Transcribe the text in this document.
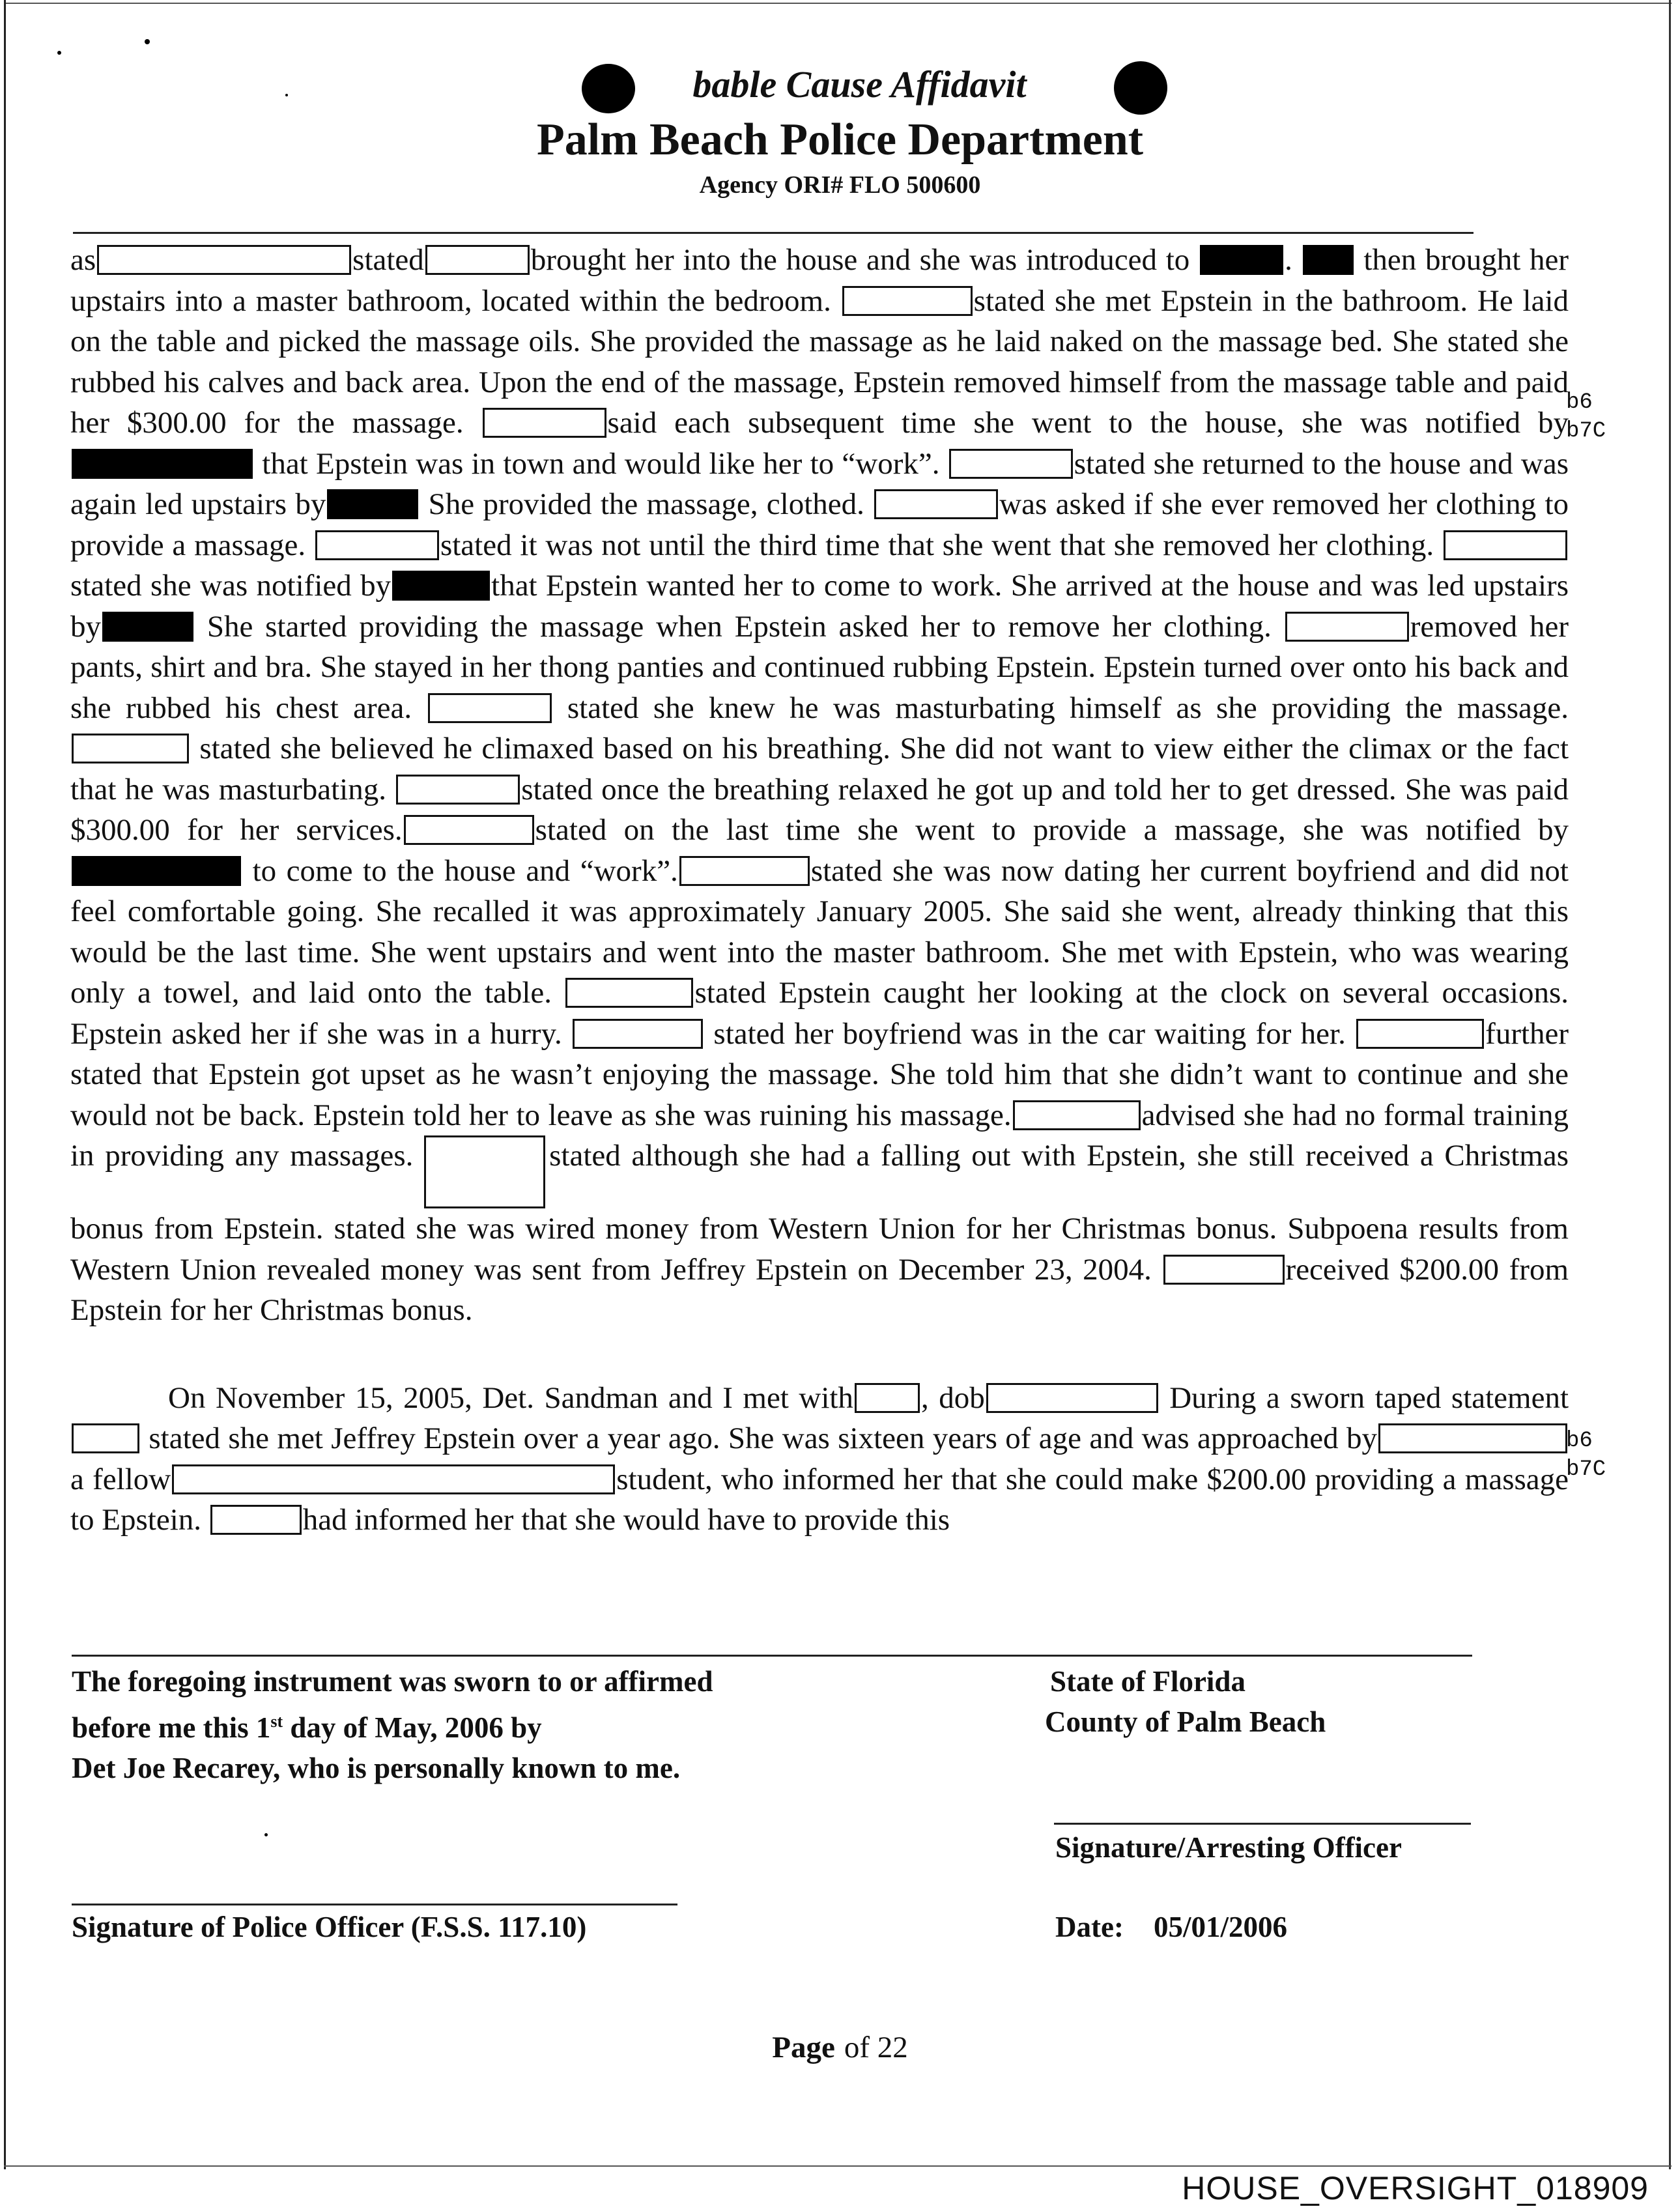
bable Cause Affidavit
Palm Beach Police Department
Agency ORI# FLO 500600

as	stated	brought her into the house and she was introduced to	. then brought her upstairs into a master bathroom, located within the bedroom.	stated she met Epstein in the bathroom. He laid on the table and picked the massage oils. She provided the massage as he laid naked on the massage bed. She stated she rubbed his calves and back area. Upon the end of the massage, Epstein removed himself from the massage table and paid her $300.00 for the massage.	said each subsequent time she went to the house, she was notified by  that Epstein was in town and would like her to “work”.	stated she returned to the house and was again led upstairs by	She provided the massage, clothed.	was asked if she ever removed her clothing to provide a massage.	stated it was not until the third time that she went that she removed her clothing. stated she was notified by	that Epstein wanted her to come to work. She arrived at the house and was led upstairs by	She started providing the massage when Epstein asked her to remove her clothing.	removed her pants, shirt and bra. She stayed in her thong panties and continued rubbing Epstein. Epstein turned over onto his back and she rubbed his chest area.	stated she knew he was masturbating himself as she providing the massage.  stated she believed he climaxed based on his breathing. She did not want to view either the climax or the fact that he was masturbating.	stated once the breathing relaxed he got up and told her to get dressed. She was paid $300.00 for her services.	stated on the last time she went to provide a massage, she was notified by  to come to the house and “work”.	stated she was now dating her current boyfriend and did not feel comfortable going. She recalled it was approximately January 2005. She said she went, already thinking that this would be the last time. She went upstairs and went into the master bathroom. She met with Epstein, who was wearing only a towel, and laid onto the table.	stated Epstein caught her looking at the clock on several occasions. Epstein asked her if she was in a hurry.	stated her boyfriend was in the car waiting for her.	further stated that Epstein got upset as he wasn’t enjoying the massage. She told him that she didn’t want to continue and she would not be back. Epstein told her to leave as she was ruining his massage.	advised she had no formal training in providing any massages.	stated although she had a falling out with Epstein, she still received a Christmas bonus from Epstein. stated she was wired money from Western Union for her Christmas bonus. Subpoena results from Western Union revealed money was sent from Jeffrey Epstein on December 23, 2004.	received $200.00 from Epstein for her Christmas bonus.

On November 15, 2005, Det. Sandman and I met with , dob	During a sworn taped statement stated she met Jeffrey Epstein over a year ago. She was sixteen years of age and was approached bya fellow	student, who informed her that she could make $200.00 providing a massage to Epstein.	had informed her that she would have to provide this

b6
b7C
b6
b7C
The foregoing instrument was sworn to or affirmed
before me this 1st day of May, 2006 by
Det Joe Recarey, who is personally known to me.
State of Florida
County of Palm Beach
Signature/Arresting Officer
Signature of Police Officer (F.S.S. 117.10)	Date: 05/01/2006
Page of 22
HOUSE_OVERSIGHT_018909
